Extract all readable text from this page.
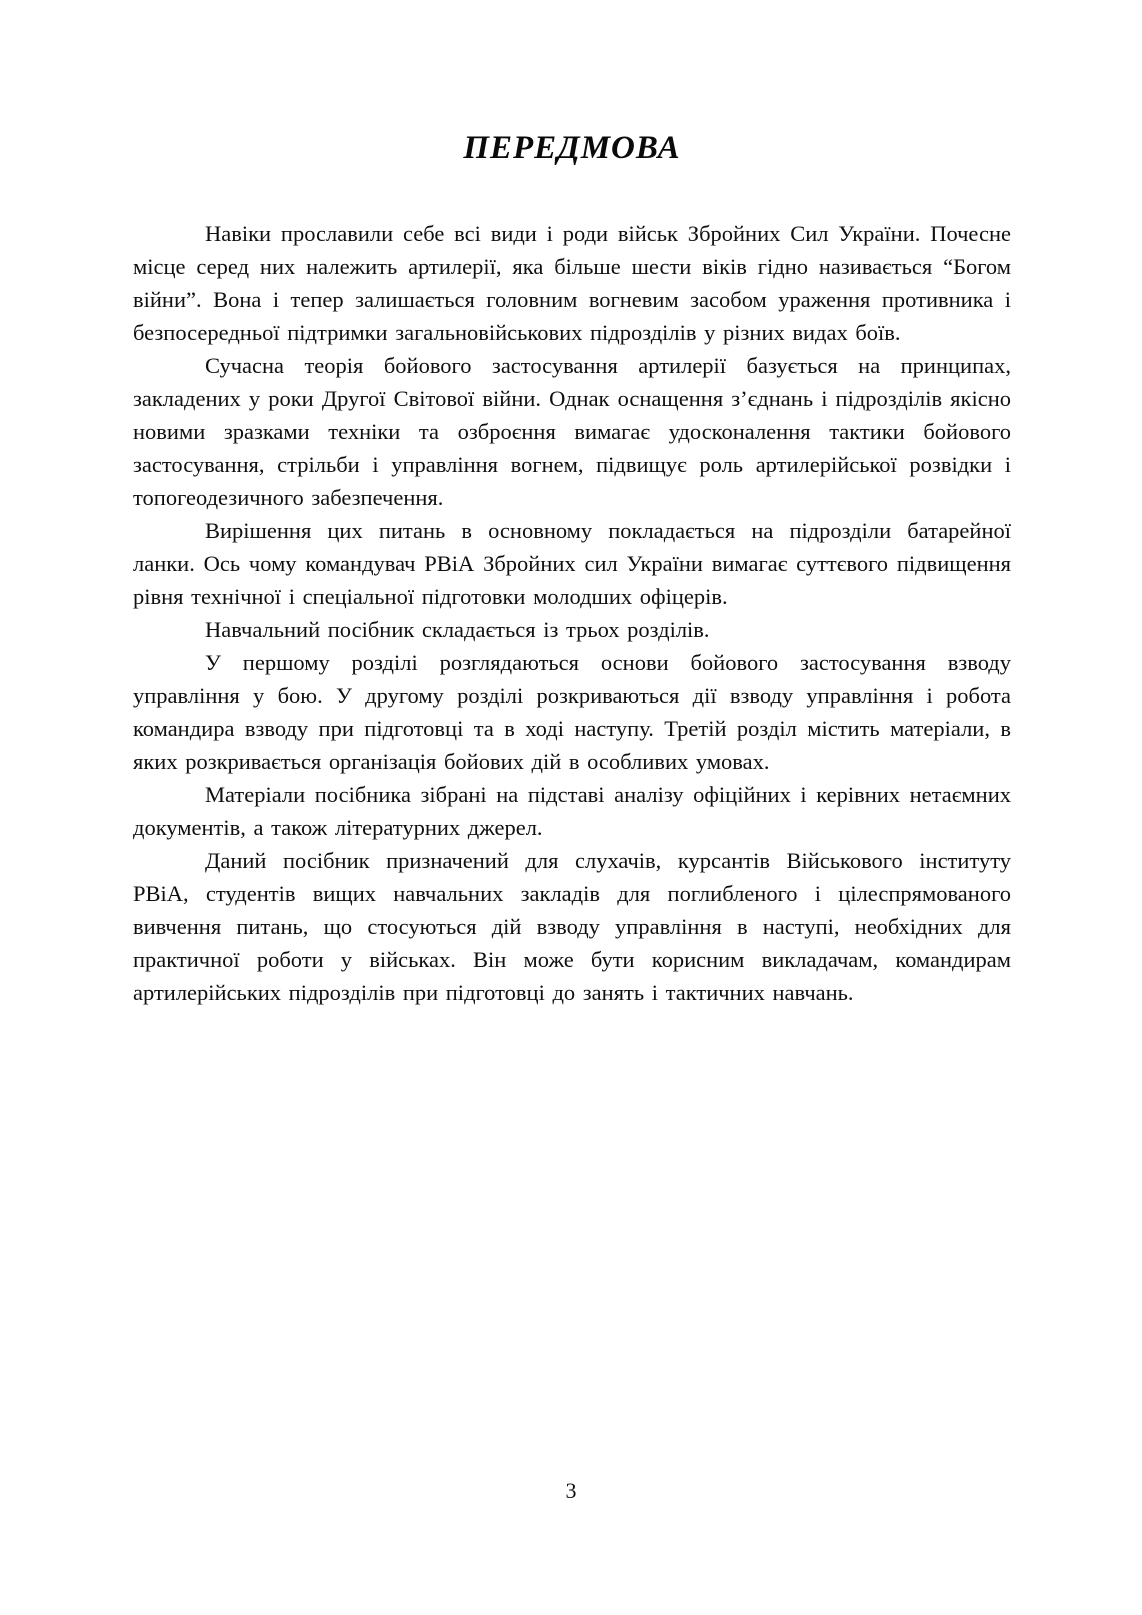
ПЕРЕДМОВА

Навіки прославили себе всі види і роди військ Збройних Сил України. Почесне місце серед них належить артилерії, яка більше шести віків гідно називається “Богом війни”. Вона і тепер залишається головним вогневим засобом ураження противника і безпосередньої підтримки загальновійськових підрозділів у різних видах боїв.

Сучасна теорія бойового застосування артилерії базується на принципах, закладених у роки Другої Світової війни. Однак оснащення з’єднань і підрозділів якісно новими зразками техніки та озброєння вимагає удосконалення тактики бойового застосування, стрільби і управління вогнем, підвищує роль артилерійської розвідки і топогеодезичного забезпечення.

Вирішення цих питань в основному покладається на підрозділи батарейної ланки. Ось чому командувач РВіА Збройних сил України вимагає суттєвого підвищення рівня технічної і спеціальної підготовки молодших офіцерів.

Навчальний посібник складається із трьох розділів.

У першому розділі розглядаються основи бойового застосування взводу управління у бою. У другому розділі розкриваються дії взводу управління і робота командира взводу при підготовці та в ході наступу. Третій розділ містить матеріали, в яких розкривається організація бойових дій в особливих умовах.

Матеріали посібника зібрані на підставі аналізу офіційних і керівних нетаємних документів, а також літературних джерел.

Даний посібник призначений для слухачів, курсантів Військового інституту РВіА, студентів вищих навчальних закладів для поглибленого і цілеспрямованого вивчення питань, що стосуються дій взводу управління в наступі, необхідних для практичної роботи у військах. Він може бути корисним викладачам, командирам артилерійських підрозділів при підготовці до занять і тактичних навчань.

3
